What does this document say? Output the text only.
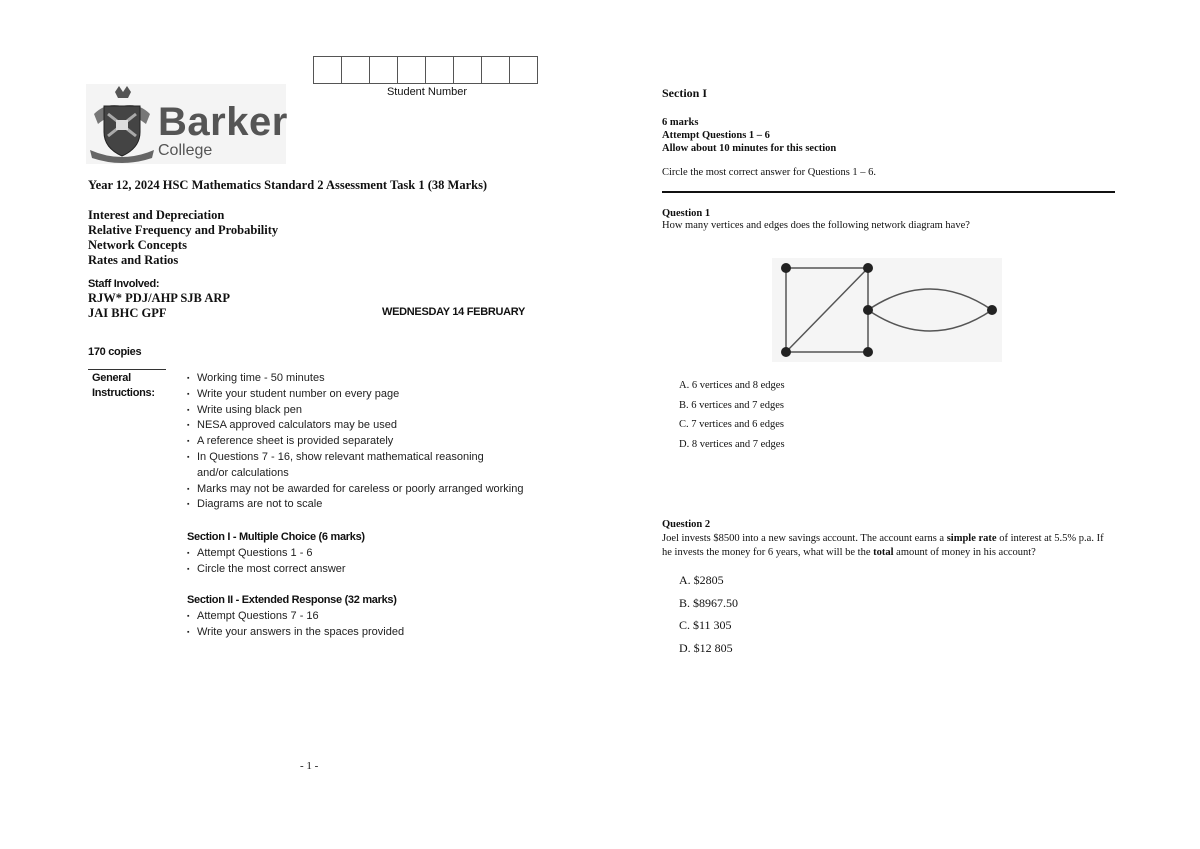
Student Number
Barker
College
Year 12, 2024 HSC Mathematics Standard 2 Assessment Task 1 (38 Marks)
Interest and Depreciation
Relative Frequency and Probability
Network Concepts
Rates and Ratios
Staff Involved:
RJW* PDJ/AHP SJB ARP
JAI BHC GPF	WEDNESDAY 14 FEBRUARY
170 copies
General
Instructions:
▪ Working time - 50 minutes
▪ Write your student number on every page
▪ Write using black pen
▪ NESA approved calculators may be used
▪ A reference sheet is provided separately
▪ In Questions 7 - 16, show relevant mathematical reasoning
and/or calculations
▪ Marks may not be awarded for careless or poorly arranged working
▪ Diagrams are not to scale
Section I - Multiple Choice (6 marks)
▪ Attempt Questions 1 - 6
▪ Circle the most correct answer
Section II - Extended Response (32 marks)
▪ Attempt Questions 7 - 16
▪ Write your answers in the spaces provided
- 1 -
Section I
6 marks
Attempt Questions 1 – 6
Allow about 10 minutes for this section
Circle the most correct answer for Questions 1 – 6.
Question 1
How many vertices and edges does the following network diagram have?
A. 6 vertices and 8 edges
B. 6 vertices and 7 edges
C. 7 vertices and 6 edges
D. 8 vertices and 7 edges
Question 2
Joel invests $8500 into a new savings account. The account earns a simple rate of interest at 5.5% p.a. If he invests the money for 6 years, what will be the total amount of money in his account?
A. $2805
B. $8967.50
C. $11 305
D. $12 805
